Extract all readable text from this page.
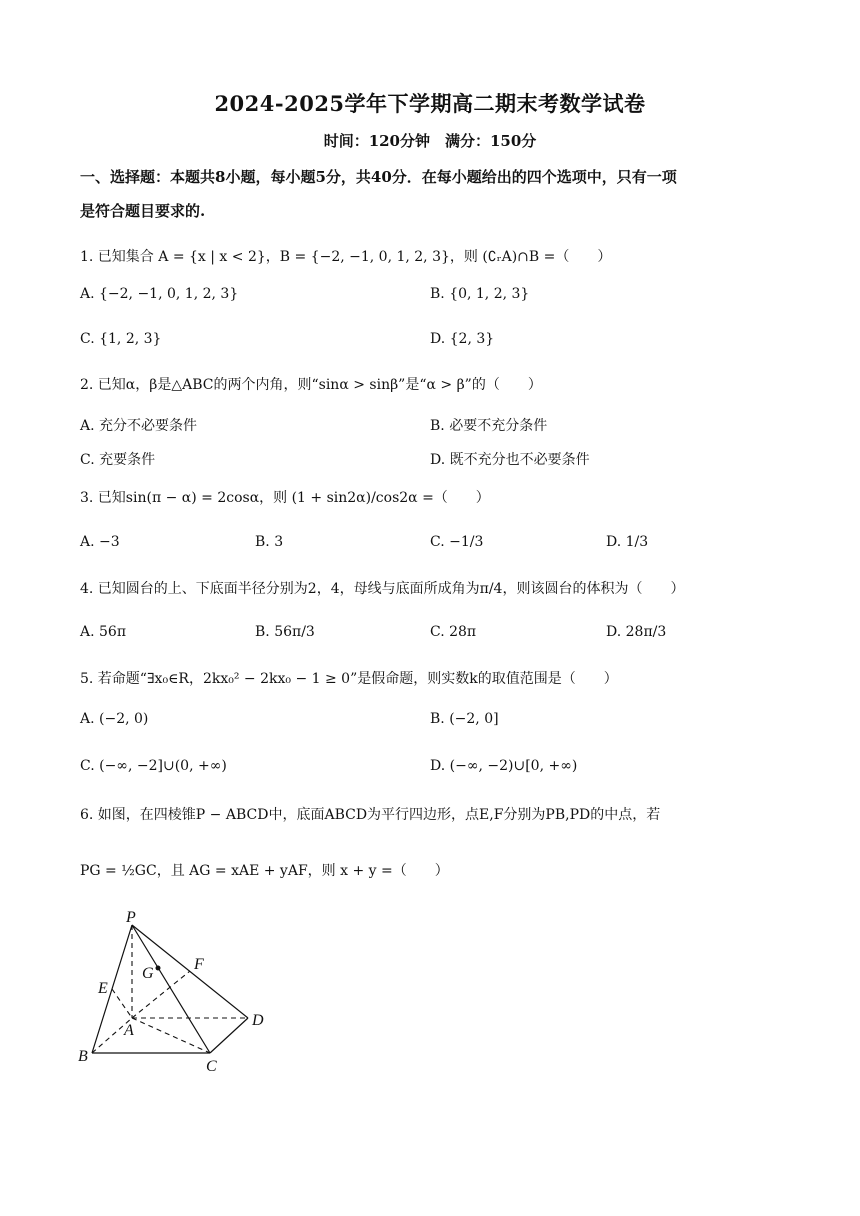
2024-2025学年下学期高二期末考数学试卷
时间：120分钟　满分：150分
一、选择题：本题共8小题，每小题5分，共40分．在每小题给出的四个选项中，只有一项
是符合题目要求的.
1. 已知集合 A = {x | x < 2}，B = {−2, −1, 0, 1, 2, 3}，则 (∁ᵣA)∩B =（　　）
A. {−2, −1, 0, 1, 2, 3}	B. {0, 1, 2, 3}
C. {1, 2, 3}	D. {2, 3}
2. 已知α，β是△ABC的两个内角，则“sinα > sinβ”是“α > β”的（　　）
A. 充分不必要条件	B. 必要不充分条件
C. 充要条件	D. 既不充分也不必要条件
3. 已知sin(π − α) = 2cosα，则 (1 + sin2α)/cos2α =（　　）
A. −3	B. 3	C. −1/3	D. 1/3
4. 已知圆台的上、下底面半径分别为2，4，母线与底面所成角为π/4，则该圆台的体积为（　　）
A. 56π	B. 56π/3	C. 28π	D. 28π/3
5. 若命题“∃x₀∈R，2kx₀² − 2kx₀ − 1 ≥ 0”是假命题，则实数k的取值范围是（　　）
A. (−2, 0)	B. (−2, 0]
C. (−∞, −2]∪(0, +∞)	D. (−∞, −2)∪[0, +∞)
6. 如图，在四棱锥P − ABCD中，底面ABCD为平行四边形，点E,F分别为PB,PD的中点，若
PG = ½GC，且 AG = xAE + yAF，则 x + y =（　　）
P
G
F
E
A
D
B
C
